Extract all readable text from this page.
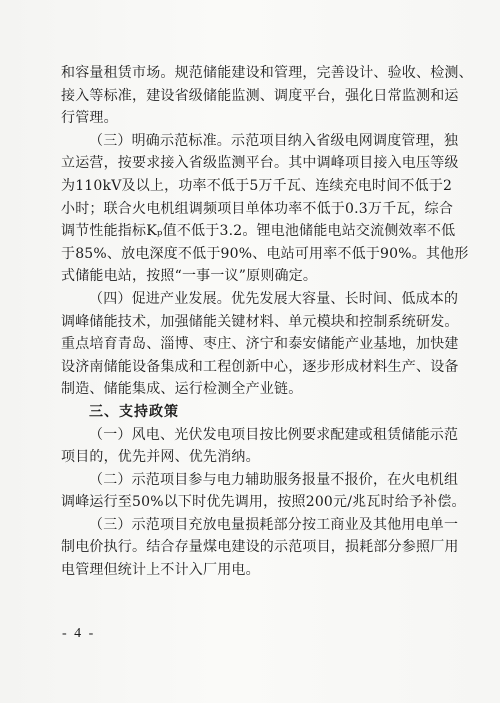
和容量租赁市场。规范储能建设和管理，完善设计、验收、检测、
接入等标准，建设省级储能监测、调度平台，强化日常监测和运
行管理。
（三）明确示范标准。示范项目纳入省级电网调度管理，独
立运营，按要求接入省级监测平台。其中调峰项目接入电压等级
为110kV及以上，功率不低于5万千瓦、连续充电时间不低于2
小时；联合火电机组调频项目单体功率不低于0.3万千瓦，综合
调节性能指标Kₚ值不低于3.2。锂电池储能电站交流侧效率不低
于85%、放电深度不低于90%、电站可用率不低于90%。其他形
式储能电站，按照“一事一议”原则确定。
（四）促进产业发展。优先发展大容量、长时间、低成本的
调峰储能技术，加强储能关键材料、单元模块和控制系统研发。
重点培育青岛、淄博、枣庄、济宁和泰安储能产业基地，加快建
设济南储能设备集成和工程创新中心，逐步形成材料生产、设备
制造、储能集成、运行检测全产业链。
三、支持政策
（一）风电、光伏发电项目按比例要求配建或租赁储能示范
项目的，优先并网、优先消纳。
（二）示范项目参与电力辅助服务报量不报价，在火电机组
调峰运行至50%以下时优先调用，按照200元/兆瓦时给予补偿。
（三）示范项目充放电量损耗部分按工商业及其他用电单一
制电价执行。结合存量煤电建设的示范项目，损耗部分参照厂用
电管理但统计上不计入厂用电。
- 4 -
